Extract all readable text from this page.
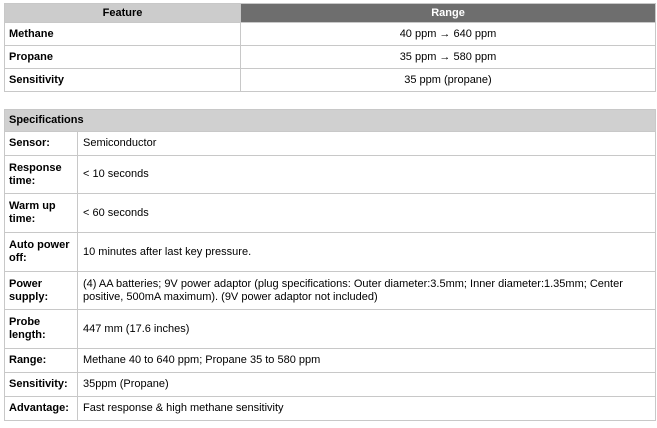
Feature	Range
Methane	40 ppm → 640 ppm
Propane	35 ppm → 580 ppm
Sensitivity	35 ppm (propane)
Specifications	
Sensor:	Semiconductor
Response time:	< 10 seconds
Warm up time:	< 60 seconds
Auto power off:	10 minutes after last key pressure.
Power supply:	(4) AA batteries; 9V power adaptor (plug specifications: Outer diameter:3.5mm; Inner diameter:1.35mm; Center positive, 500mA maximum). (9V power adaptor not included)
Probe length:	447 mm (17.6 inches)
Range:	Methane 40 to 640 ppm; Propane 35 to 580 ppm
Sensitivity:	35ppm (Propane)
Advantage:	Fast response & high methane sensitivity
